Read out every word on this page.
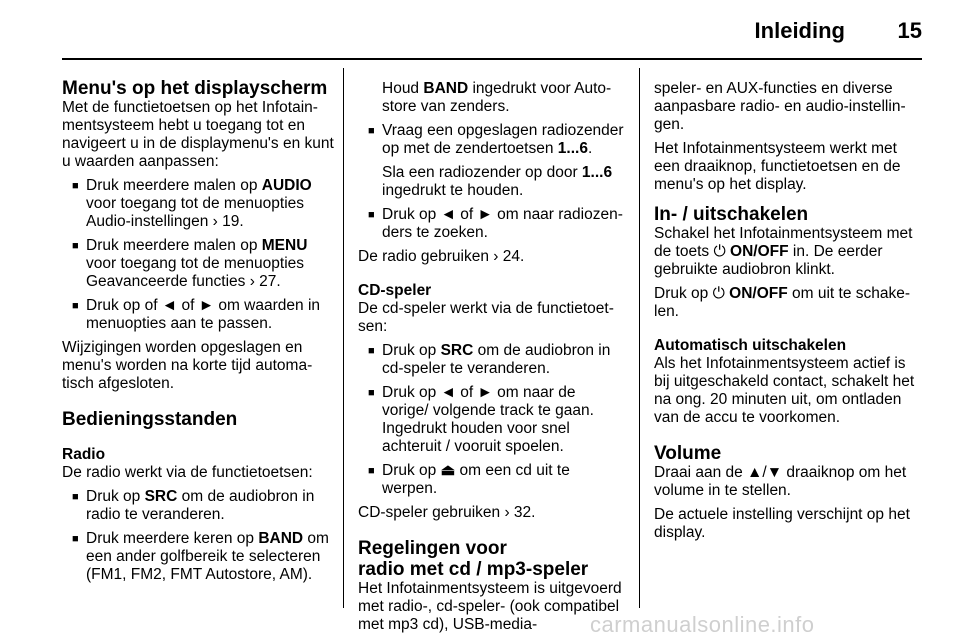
Inleiding	15
Menu's op het displayscherm

Met de functietoetsen op het Infotainmentsysteem hebt u toegang tot en navigeert u in de displaymenu's en kunt u waarden aanpassen:

■ Druk meerdere malen op AUDIO voor toegang tot de menuopties Audio-instellingen › 19.
■ Druk meerdere malen op MENU voor toegang tot de menuopties Geavanceerde functies › 27.
■ Druk op of ◄ of ► om waarden in menuopties aan te passen.

Wijzigingen worden opgeslagen en menu's worden na korte tijd automatisch afgesloten.

Bedieningsstanden
Radio

De radio werkt via de functietoetsen:

■ Druk op SRC om de audiobron in radio te veranderen.
■ Druk meerdere keren op BAND om een ander golfbereik te selecteren (FM1, FM2, FMT Autostore, AM).

Houd BAND ingedrukt voor Autostore van zenders.

■ Vraag een opgeslagen radiozender op met de zendertoetsen 1...6.

Sla een radiozender op door 1...6 ingedrukt te houden.

■ Druk op ◄ of ► om naar radiozenders te zoeken.

De radio gebruiken › 24.

CD-speler

De cd-speler werkt via de functietoetsen:

■ Druk op SRC om de audiobron in cd-speler te veranderen.
■ Druk op ◄ of ► om naar de vorige/ volgende track te gaan. Ingedrukt houden voor snel achteruit / vooruit spoelen.
■ Druk op ⏏ om een cd uit te werpen.

CD-speler gebruiken › 32.

Regelingen voor
radio met cd / mp3-speler

Het Infotainmentsysteem is uitgevoerd met radio-, cd-speler- (ook compatibel met mp3 cd), USB-media-

speler- en AUX-functies en diverse aanpasbare radio- en audio-instellingen.

Het Infotainmentsysteem werkt met een draaiknop, functietoetsen en de menu's op het display.

In- / uitschakelen

Schakel het Infotainmentsysteem met de toets ⏻ ON/OFF in. De eerder gebruikte audiobron klinkt.

Druk op ⏻ ON/OFF om uit te schakelen.

Automatisch uitschakelen

Als het Infotainmentsysteem actief is bij uitgeschakeld contact, schakelt het na ong. 20 minuten uit, om ontladen van de accu te voorkomen.

Volume

Draai aan de ▲/▼ draaiknop om het volume in te stellen.

De actuele instelling verschijnt op het display.

carmanualsonline.info
